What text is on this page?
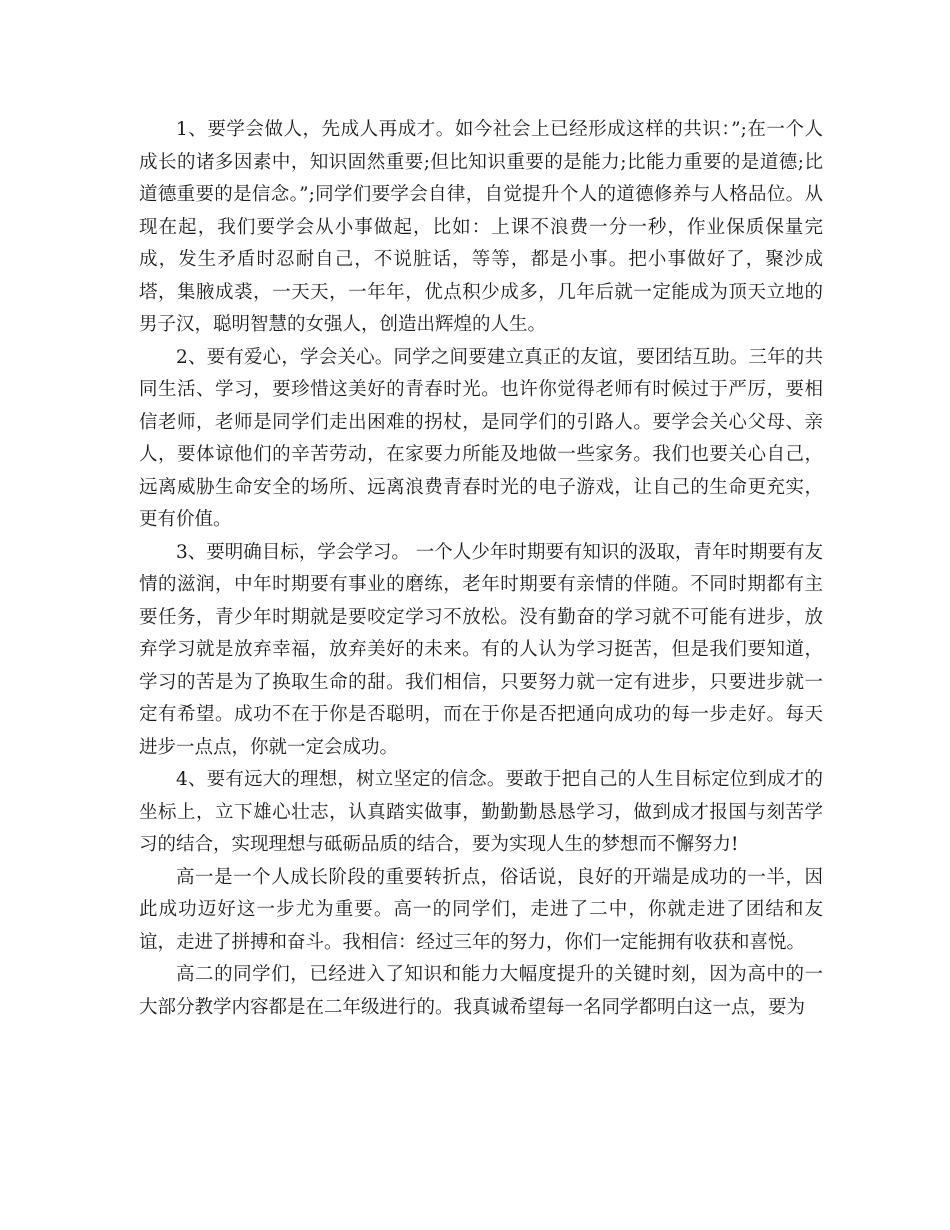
1、要学会做人，先成人再成才。如今社会上已经形成这样的共识：”;在一个人成长的诸多因素中，知识固然重要;但比知识重要的是能力;比能力重要的是道德;比道德重要的是信念。”;同学们要学会自律，自觉提升个人的道德修养与人格品位。从现在起，我们要学会从小事做起，比如：上课不浪费一分一秒，作业保质保量完成，发生矛盾时忍耐自己，不说脏话，等等，都是小事。把小事做好了，聚沙成塔，集腋成裘，一天天，一年年，优点积少成多，几年后就一定能成为顶天立地的男子汉，聪明智慧的女强人，创造出辉煌的人生。

2、要有爱心，学会关心。同学之间要建立真正的友谊，要团结互助。三年的共同生活、学习，要珍惜这美好的青春时光。也许你觉得老师有时候过于严厉，要相信老师，老师是同学们走出困难的拐杖，是同学们的引路人。要学会关心父母、亲人，要体谅他们的辛苦劳动，在家要力所能及地做一些家务。我们也要关心自己，远离威胁生命安全的场所、远离浪费青春时光的电子游戏，让自己的生命更充实，更有价值。

3、要明确目标，学会学习。 一个人少年时期要有知识的汲取，青年时期要有友情的滋润，中年时期要有事业的磨练，老年时期要有亲情的伴随。不同时期都有主要任务，青少年时期就是要咬定学习不放松。没有勤奋的学习就不可能有进步，放弃学习就是放弃幸福，放弃美好的未来。有的人认为学习挺苦，但是我们要知道，学习的苦是为了换取生命的甜。我们相信，只要努力就一定有进步，只要进步就一定有希望。成功不在于你是否聪明，而在于你是否把通向成功的每一步走好。每天进步一点点，你就一定会成功。

4、要有远大的理想，树立坚定的信念。要敢于把自己的人生目标定位到成才的坐标上，立下雄心壮志，认真踏实做事，勤勤勤恳恳学习，做到成才报国与刻苦学习的结合，实现理想与砥砺品质的结合，要为实现人生的梦想而不懈努力!

高一是一个人成长阶段的重要转折点，俗话说，良好的开端是成功的一半，因此成功迈好这一步尤为重要。高一的同学们，走进了二中，你就走进了团结和友谊，走进了拼搏和奋斗。我相信：经过三年的努力，你们一定能拥有收获和喜悦。

高二的同学们，已经进入了知识和能力大幅度提升的关键时刻，因为高中的一大部分教学内容都是在二年级进行的。我真诚希望每一名同学都明白这一点，要为
